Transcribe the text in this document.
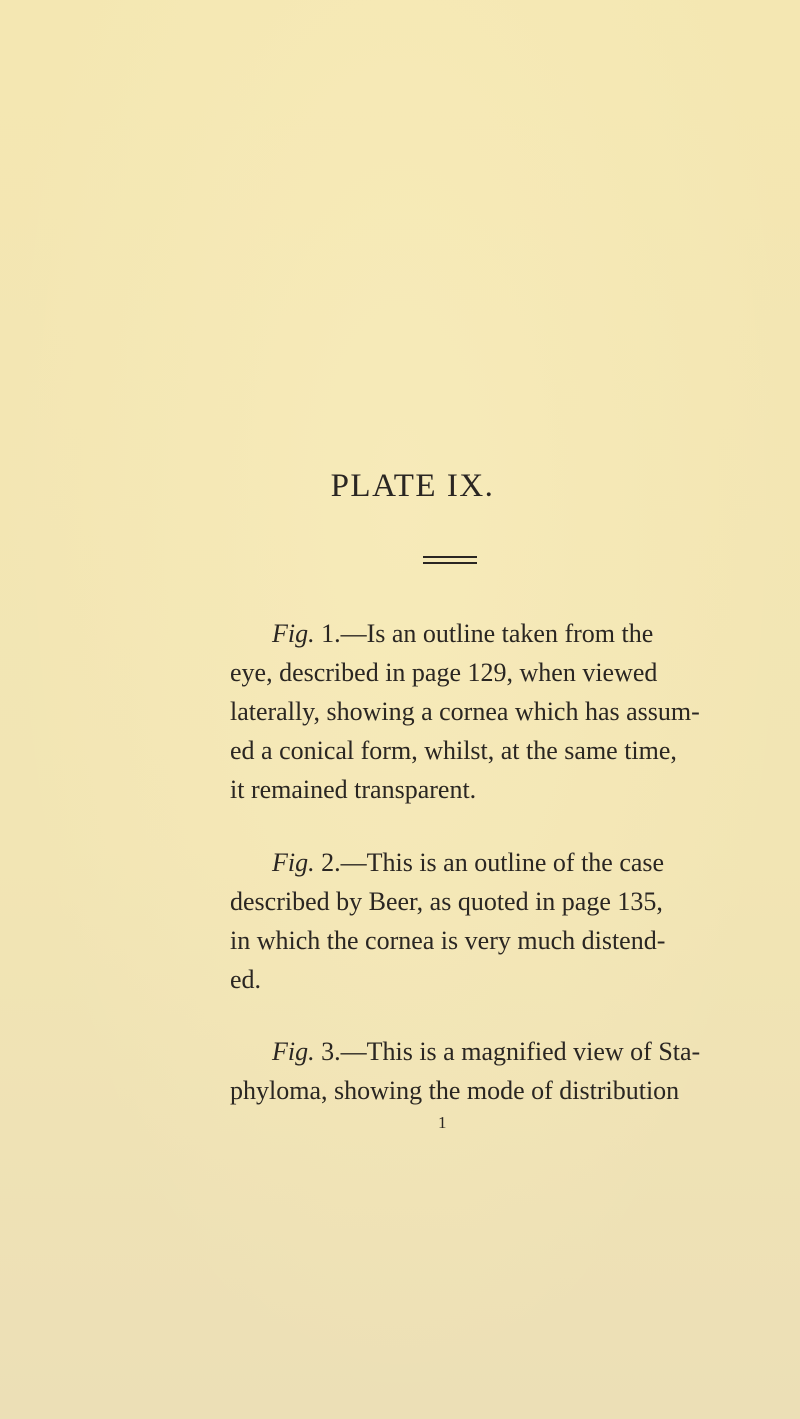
PLATE IX.
Fig. 1.—Is an outline taken from the
eye, described in page 129, when viewed
laterally, showing a cornea which has assum-
ed a conical form, whilst, at the same time,
it remained transparent.
Fig. 2.—This is an outline of the case
described by Beer, as quoted in page 135,
in which the cornea is very much distend-
ed.
Fig. 3.—This is a magnified view of Sta-
phyloma, showing the mode of distribution
1
